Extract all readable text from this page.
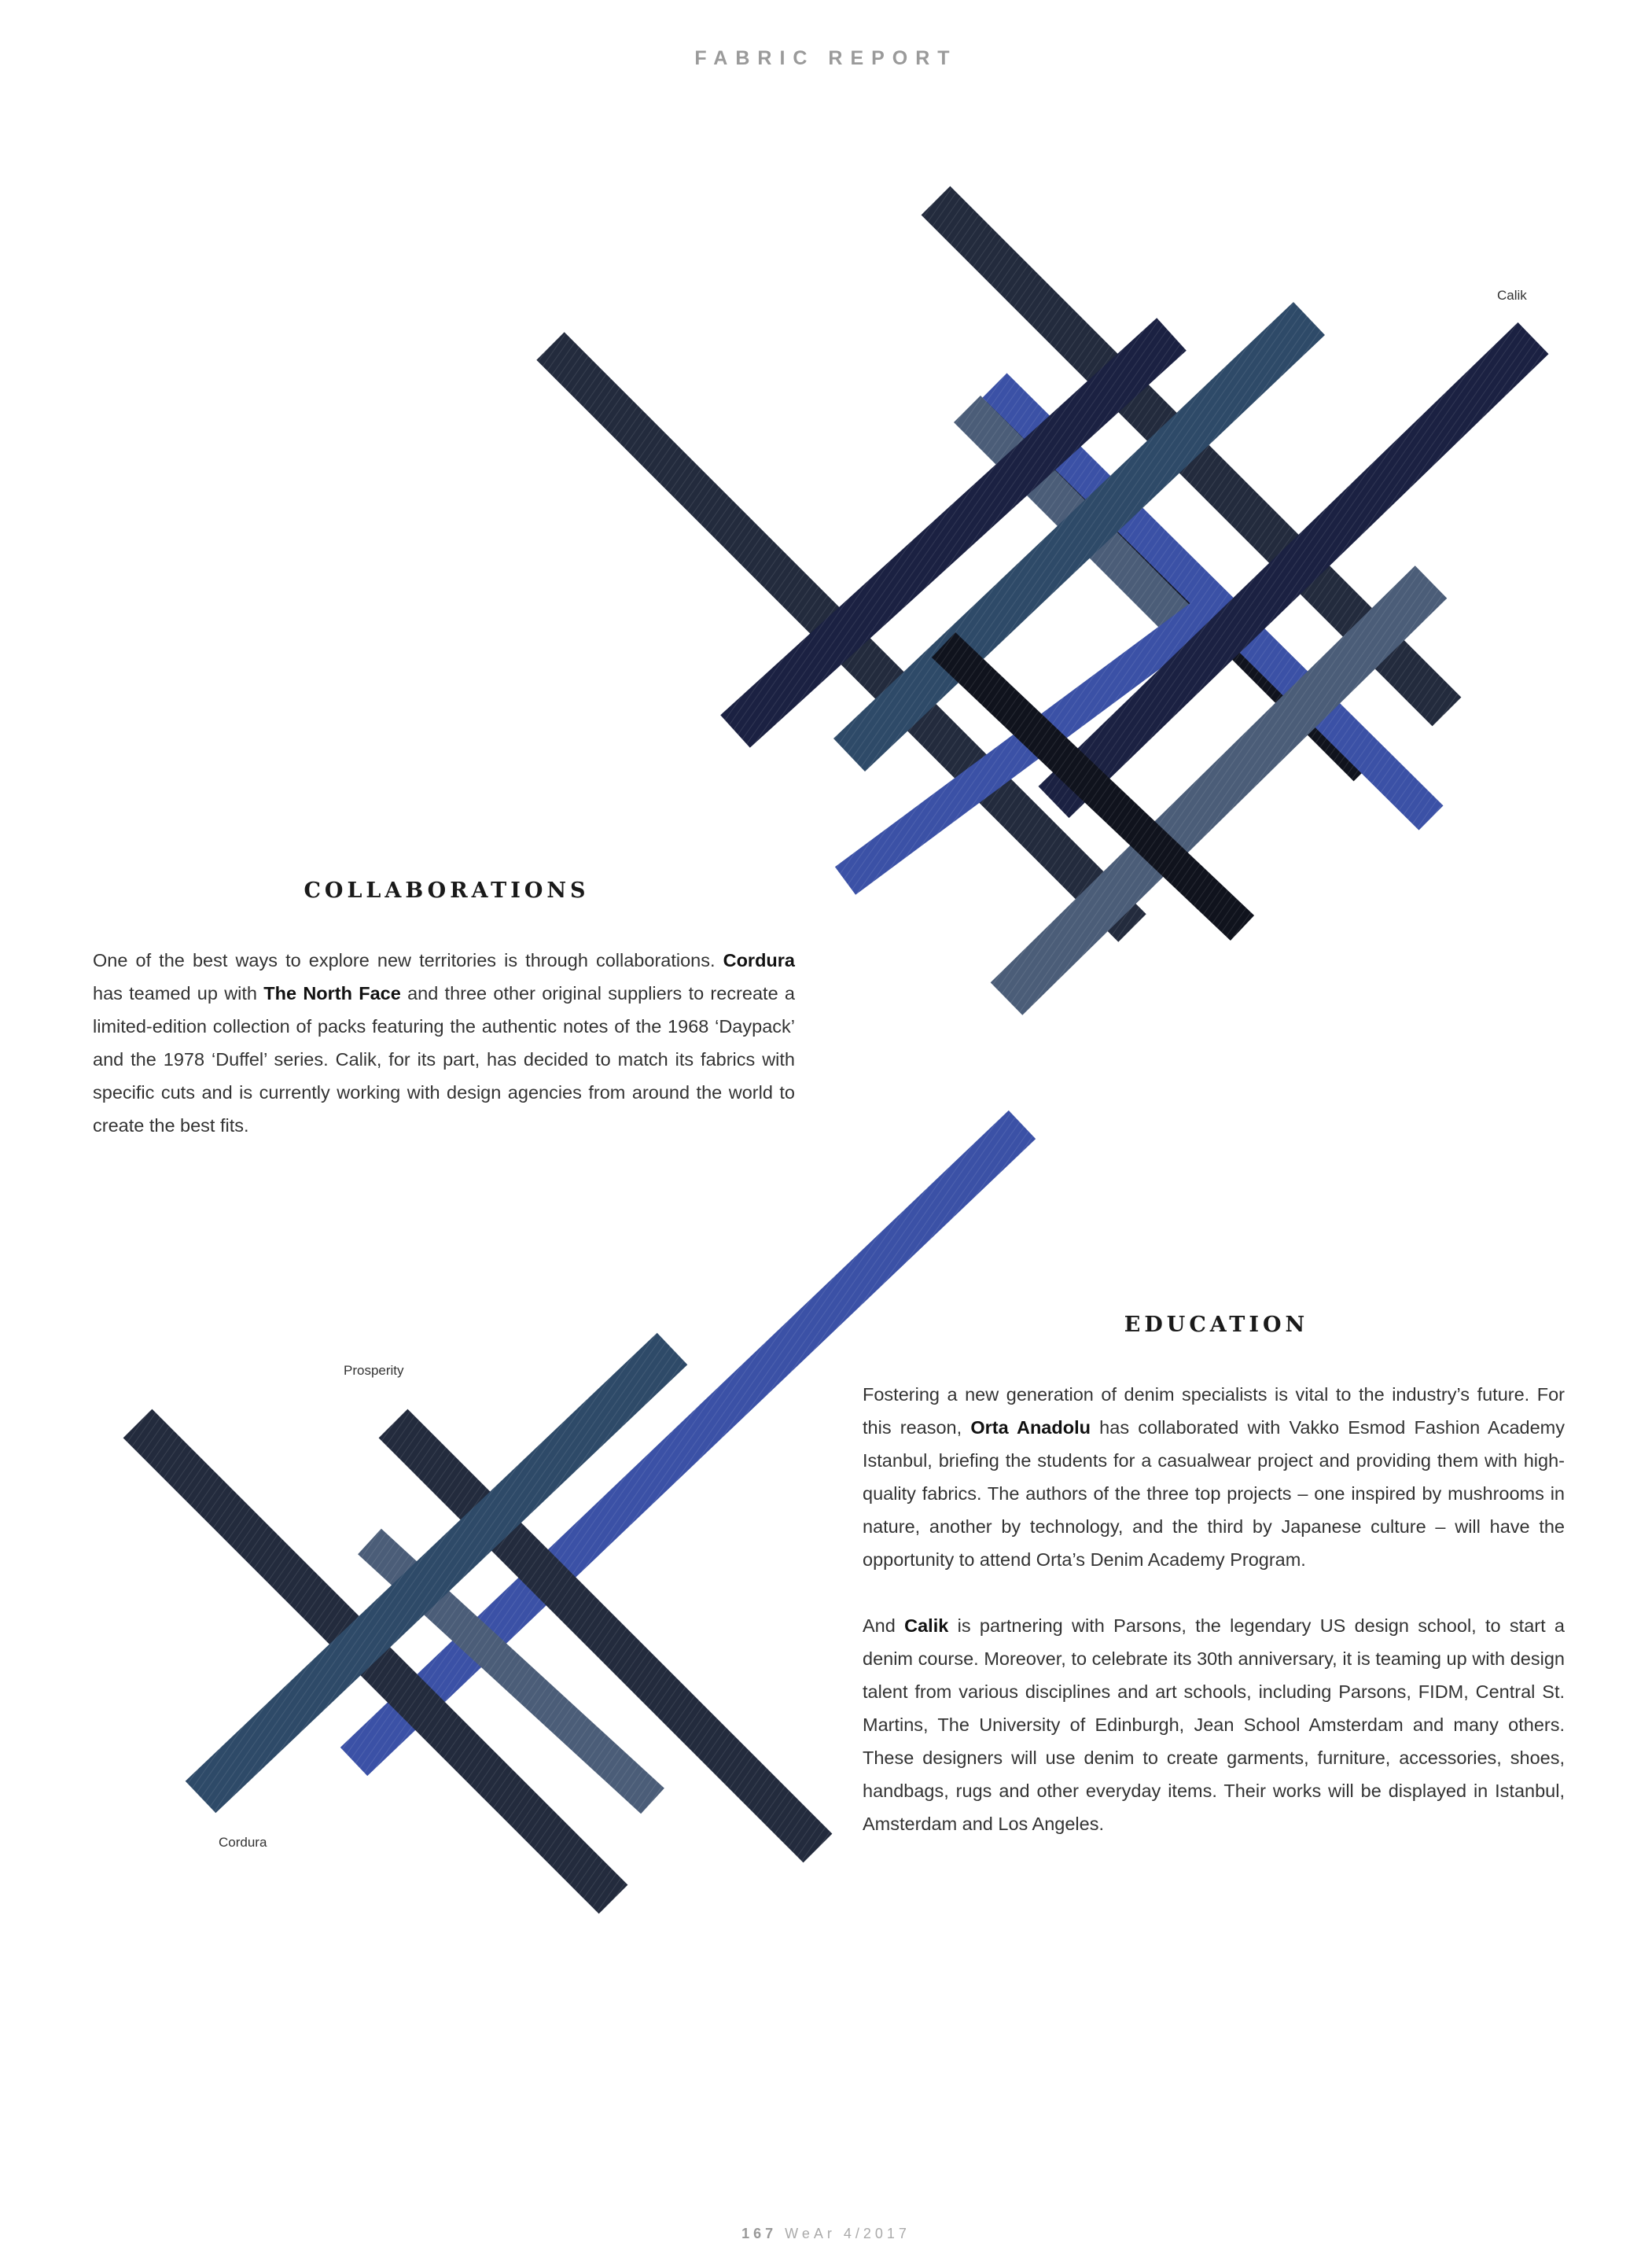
FABRIC REPORT
Calik
Prosperity
Cordura
COLLABORATIONS

One of the best ways to explore new territories is through collaborations. Cordura has teamed up with The North Face and three other original suppliers to recreate a limited-edition collection of packs featuring the authentic notes of the 1968 ‘Daypack’ and the 1978 ‘Duffel’ series. Calik, for its part, has decided to match its fabrics with specific cuts and is currently working with design agencies from around the world to create the best fits.

EDUCATION

Fostering a new generation of denim specialists is vital to the industry’s future. For this reason, Orta Anadolu has collaborated with Vakko Esmod Fashion Academy Istanbul, briefing the students for a casualwear project and providing them with high-quality fabrics. The authors of the three top projects – one inspired by mushrooms in nature, another by technology, and the third by Japanese culture – will have the opportunity to attend Orta’s Denim Academy Program.

And Calik is partnering with Parsons, the legendary US design school, to start a denim course. Moreover, to celebrate its 30th anniversary, it is teaming up with design talent from various disciplines and art schools, including Parsons, FIDM, Central St. Martins, The University of Edinburgh, Jean School Amsterdam and many others. These designers will use denim to create garments, furniture, accessories, shoes, handbags, rugs and other everyday items. Their works will be displayed in Istanbul, Amsterdam and Los Angeles.

167 WeAr 4/2017
